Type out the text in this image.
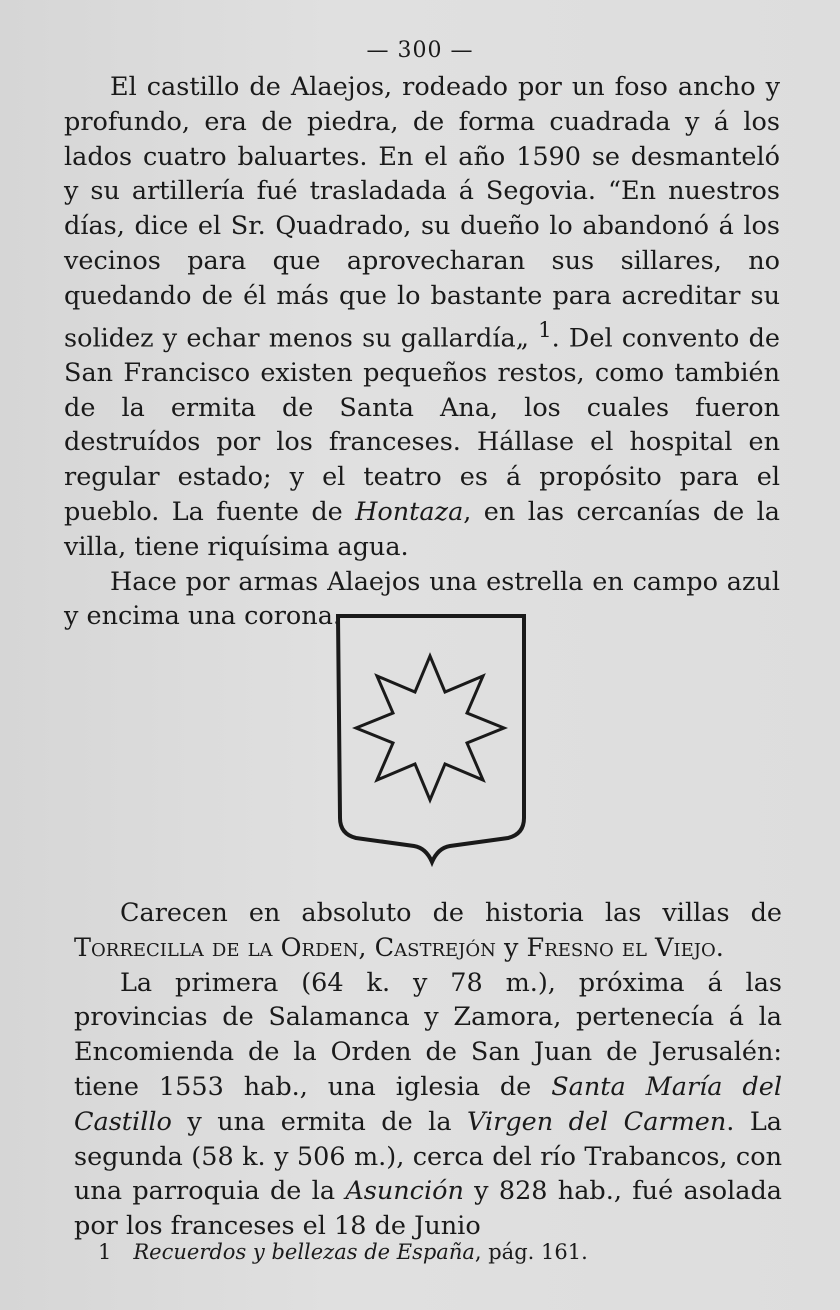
— 300 —

El castillo de Alaejos, rodeado por un foso ancho y profundo, era de piedra, de forma cuadrada y á los lados cuatro baluartes. En el año 1590 se desmanteló y su artillería fué trasladada á Segovia. “En nuestros días, dice el Sr. Quadrado, su dueño lo abandonó á los vecinos para que aprovecharan sus sillares, no quedando de él más que lo bastante para acreditar su solidez y echar menos su gallardía„ $^1$. Del convento de San Francisco existen pequeños restos, como también de la ermita de Santa Ana, los cuales fueron destruídos por los franceses. Hállase el hospital en regular estado; y el teatro es á propósito para el pueblo. La fuente de Hontaza, en las cercanías de la villa, tiene riquísima agua.

Hace por armas Alaejos una estrella en campo azul y encima una corona.

Carecen en absoluto de historia las villas de Torrecilla de la Orden, Castrejón y Fresno el Viejo.

La primera (64 k. y 78 m.), próxima á las provincias de Salamanca y Zamora, pertenecía á la Encomienda de la Orden de San Juan de Jerusalén: tiene 1553 hab., una iglesia de Santa María del Castillo y una ermita de la Virgen del Carmen. La segunda (58 k. y 506 m.), cerca del río Trabancos, con una parroquia de la Asunción y 828 hab., fué asolada por los franceses el 18 de Junio

1 Recuerdos y bellezas de España, pág. 161.
